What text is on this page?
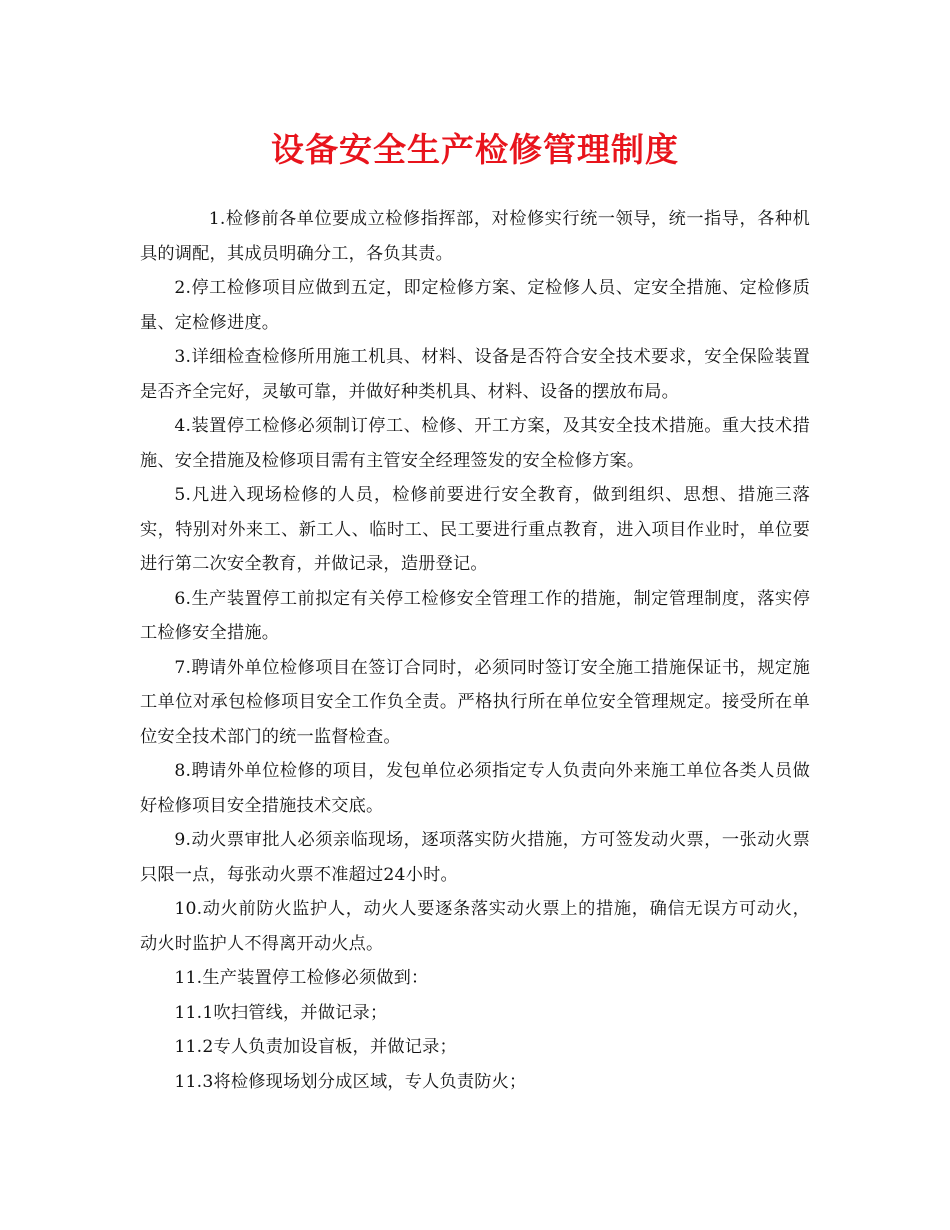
设备安全生产检修管理制度

1.检修前各单位要成立检修指挥部，对检修实行统一领导，统一指导，各种机具的调配，其成员明确分工，各负其责。

2.停工检修项目应做到五定，即定检修方案、定检修人员、定安全措施、定检修质量、定检修进度。

3.详细检查检修所用施工机具、材料、设备是否符合安全技术要求，安全保险装置是否齐全完好，灵敏可靠，并做好种类机具、材料、设备的摆放布局。

4.装置停工检修必须制订停工、检修、开工方案，及其安全技术措施。重大技术措施、安全措施及检修项目需有主管安全经理签发的安全检修方案。

5.凡进入现场检修的人员，检修前要进行安全教育，做到组织、思想、措施三落实，特别对外来工、新工人、临时工、民工要进行重点教育，进入项目作业时，单位要进行第二次安全教育，并做记录，造册登记。

6.生产装置停工前拟定有关停工检修安全管理工作的措施，制定管理制度，落实停工检修安全措施。

7.聘请外单位检修项目在签订合同时，必须同时签订安全施工措施保证书，规定施工单位对承包检修项目安全工作负全责。严格执行所在单位安全管理规定。接受所在单位安全技术部门的统一监督检查。

8.聘请外单位检修的项目，发包单位必须指定专人负责向外来施工单位各类人员做好检修项目安全措施技术交底。

9.动火票审批人必须亲临现场，逐项落实防火措施，方可签发动火票，一张动火票只限一点，每张动火票不准超过24小时。

10.动火前防火监护人，动火人要逐条落实动火票上的措施，确信无误方可动火，动火时监护人不得离开动火点。

11.生产装置停工检修必须做到：

11.1吹扫管线，并做记录；

11.2专人负责加设盲板，并做记录；

11.3将检修现场划分成区域，专人负责防火；
